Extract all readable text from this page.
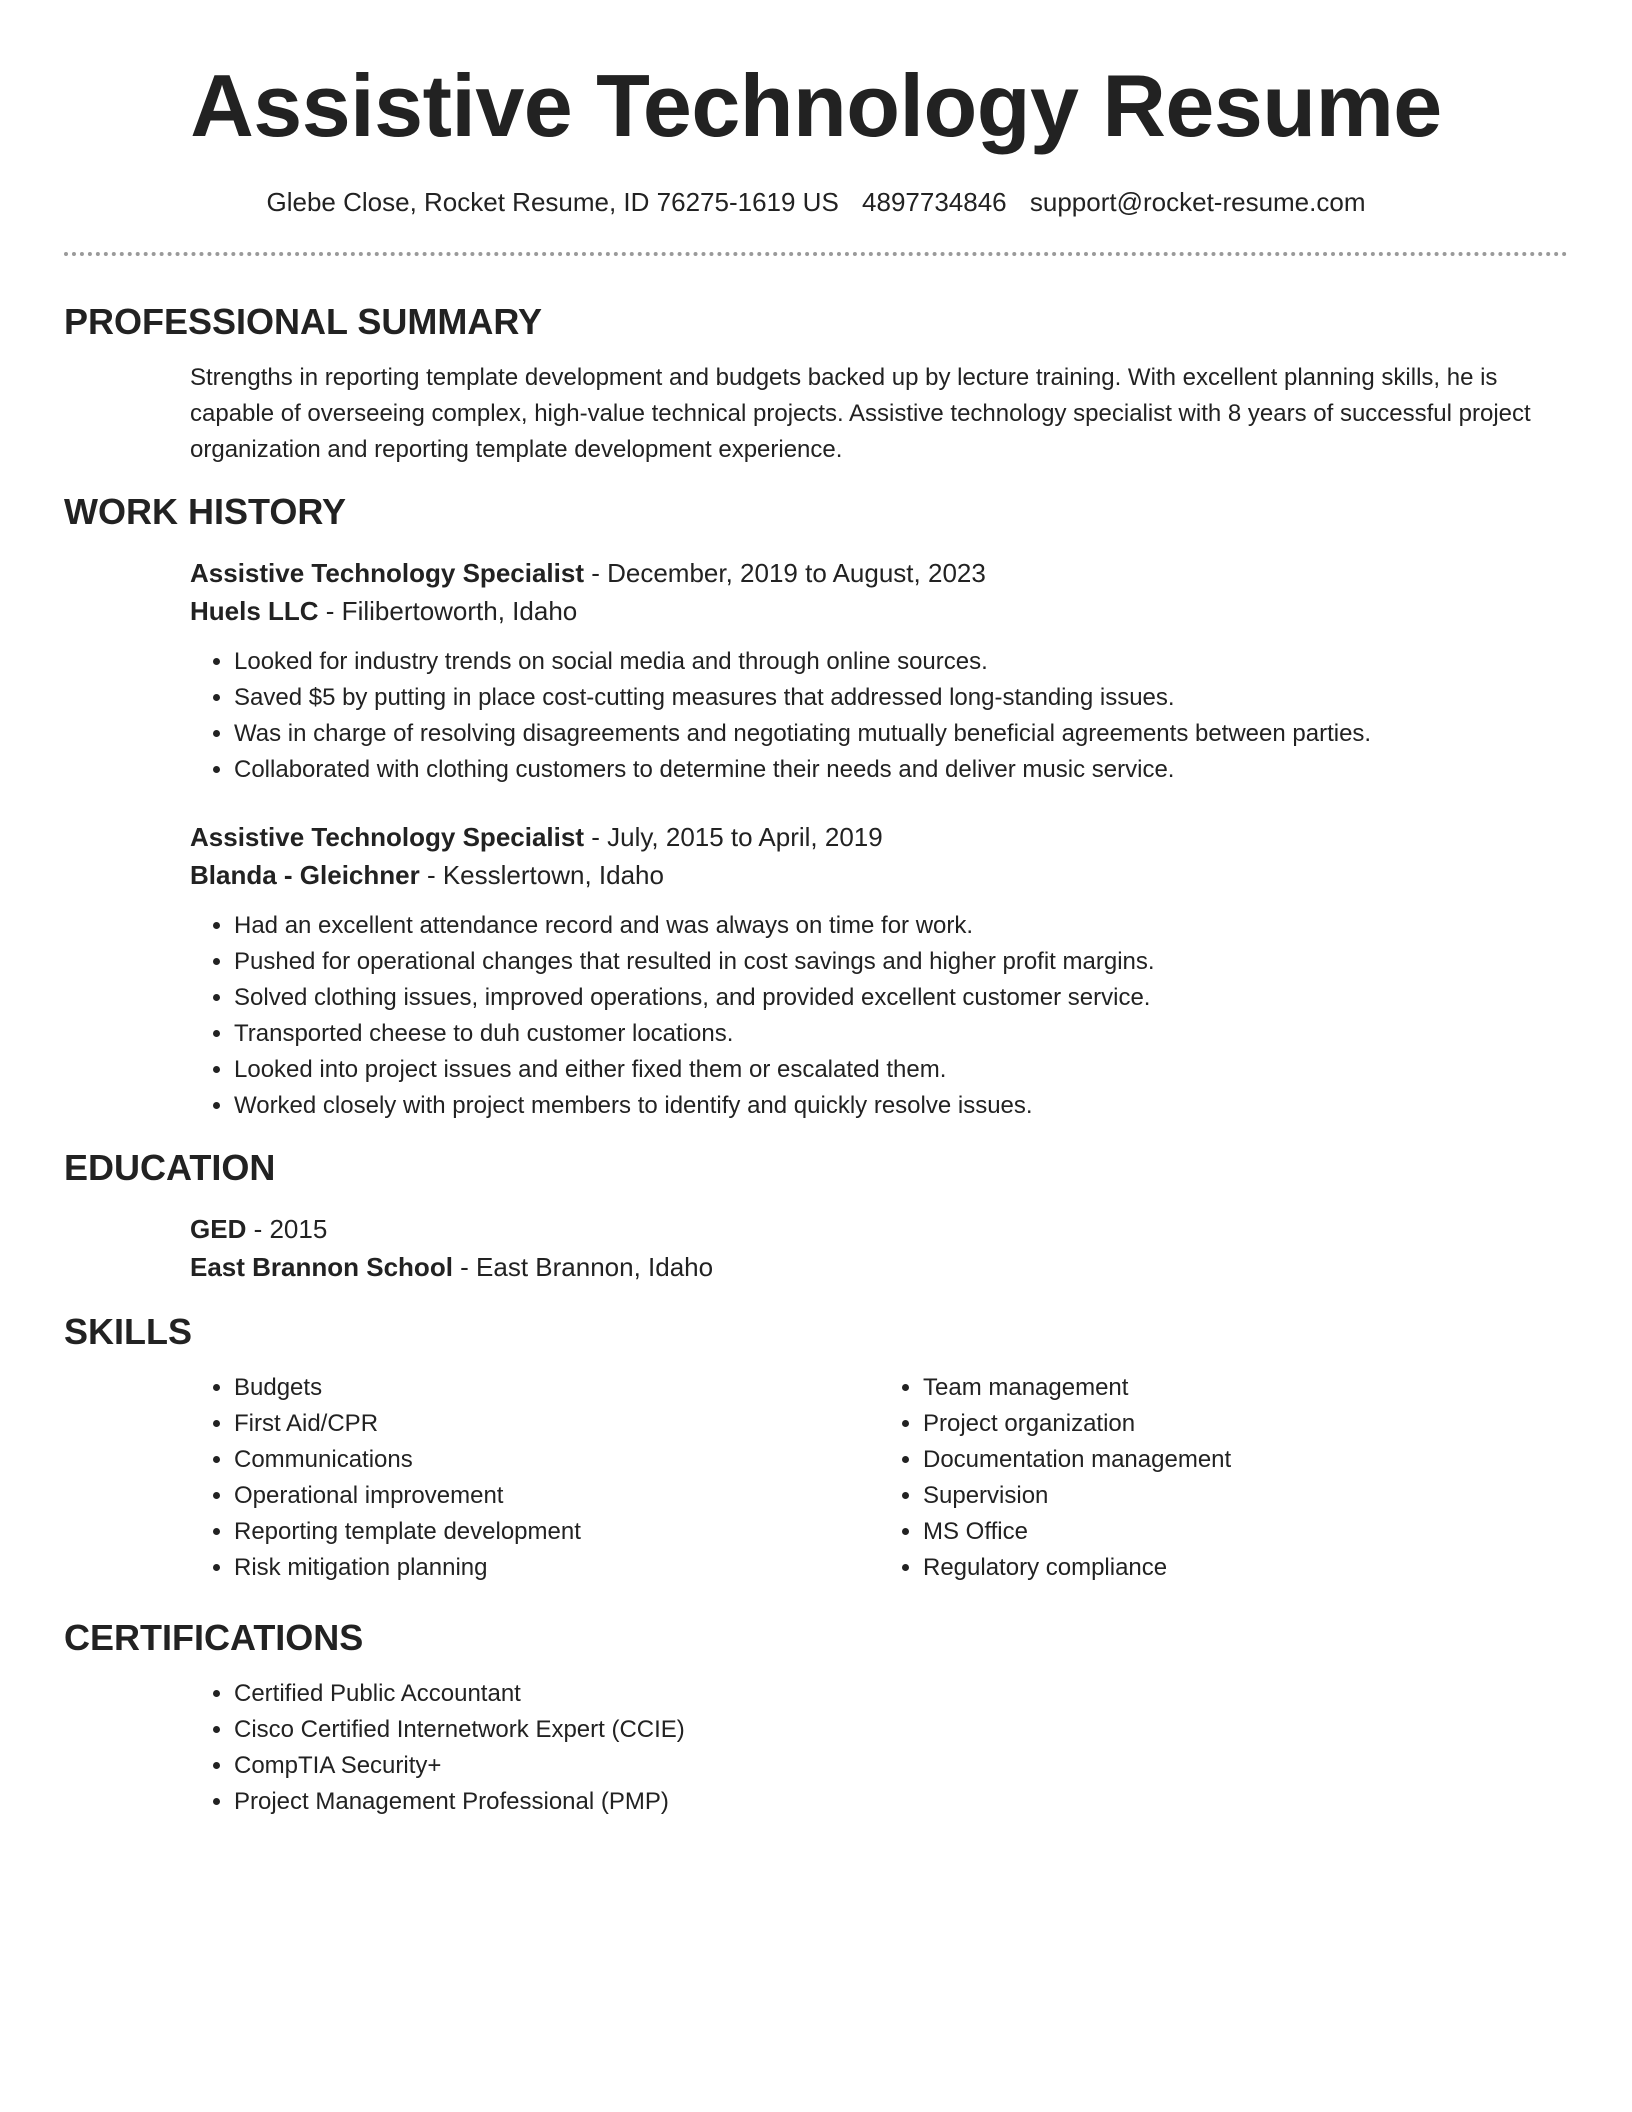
Assistive Technology Resume
Glebe Close, Rocket Resume, ID 76275-1619 US 4897734846 support@rocket-resume.com
PROFESSIONAL SUMMARY

Strengths in reporting template development and budgets backed up by lecture training. With excellent planning skills, he is capable of overseeing complex, high-value technical projects. Assistive technology specialist with 8 years of successful project organization and reporting template development experience.

WORK HISTORY
Assistive Technology Specialist - December, 2019 to August, 2023
Huels LLC - Filibertoworth, Idaho
• Looked for industry trends on social media and through online sources.
• Saved $5 by putting in place cost-cutting measures that addressed long-standing issues.
• Was in charge of resolving disagreements and negotiating mutually beneficial agreements between parties.
• Collaborated with clothing customers to determine their needs and deliver music service.
Assistive Technology Specialist - July, 2015 to April, 2019
Blanda - Gleichner - Kesslertown, Idaho
• Had an excellent attendance record and was always on time for work.
• Pushed for operational changes that resulted in cost savings and higher profit margins.
• Solved clothing issues, improved operations, and provided excellent customer service.
• Transported cheese to duh customer locations.
• Looked into project issues and either fixed them or escalated them.
• Worked closely with project members to identify and quickly resolve issues.
EDUCATION
GED - 2015
East Brannon School - East Brannon, Idaho
SKILLS
• Budgets
• First Aid/CPR
• Communications
• Operational improvement
• Reporting template development
• Risk mitigation planning
• Team management
• Project organization
• Documentation management
• Supervision
• MS Office
• Regulatory compliance
CERTIFICATIONS
• Certified Public Accountant
• Cisco Certified Internetwork Expert (CCIE)
• CompTIA Security+
• Project Management Professional (PMP)
